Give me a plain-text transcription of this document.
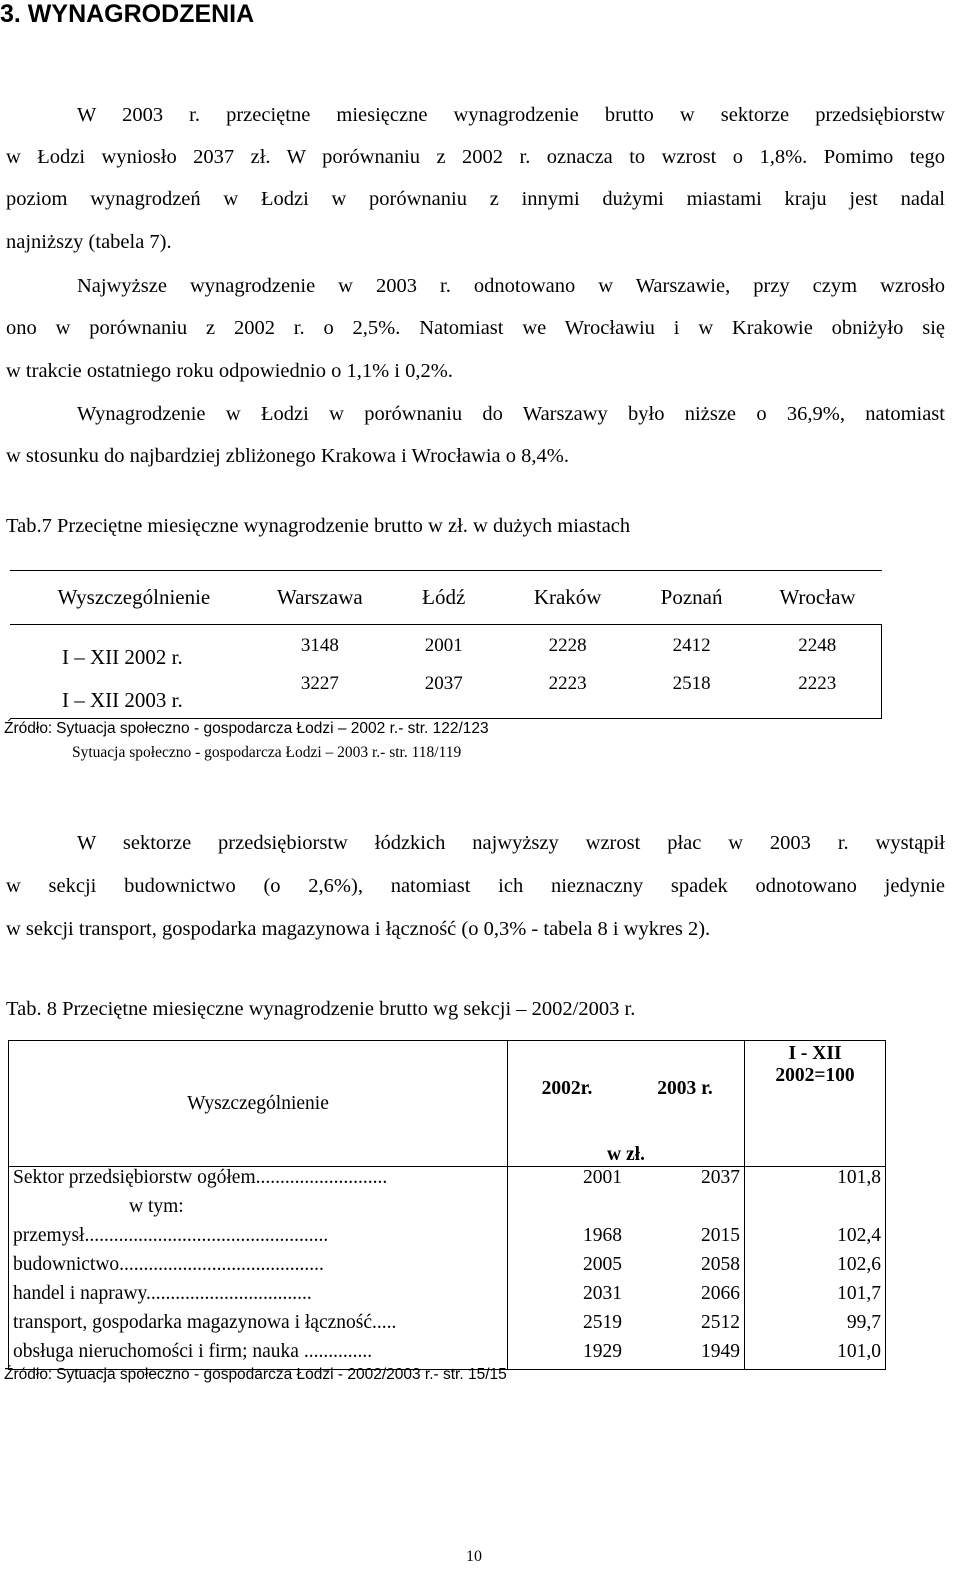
3. WYNAGRODZENIA
W 2003 r. przeciętne miesięczne wynagrodzenie brutto w sektorze przedsiębiorstw
w Łodzi wyniosło 2037 zł. W porównaniu z 2002 r. oznacza to wzrost o 1,8%. Pomimo tego
poziom wynagrodzeń w Łodzi w porównaniu z innymi dużymi miastami kraju jest nadal
najniższy (tabela 7).
Najwyższe wynagrodzenie w 2003 r. odnotowano w Warszawie, przy czym wzrosło
ono w porównaniu z 2002 r. o 2,5%. Natomiast we Wrocławiu i w Krakowie obniżyło się
w trakcie ostatniego roku odpowiednio o 1,1% i 0,2%.
Wynagrodzenie w Łodzi w porównaniu do Warszawy było niższe o 36,9%, natomiast
w stosunku do najbardziej zbliżonego Krakowa i Wrocławia o 8,4%.
Tab.7 Przeciętne miesięczne wynagrodzenie brutto w zł. w dużych miastach
Wyszczególnienie	Warszawa	Łódź	Kraków	Poznań	Wrocław

I – XII 2002 r.	3148	2001	2228	2412	2248
I – XII 2003 r.	3227	2037	2223	2518	2223
Źródło: Sytuacja społeczno - gospodarcza Łodzi – 2002 r.- str. 122/123
Sytuacja społeczno - gospodarcza Łodzi – 2003 r.- str. 118/119
W sektorze przedsiębiorstw łódzkich najwyższy wzrost płac w 2003 r. wystąpił
w sekcji budownictwo (o 2,6%), natomiast ich nieznaczny spadek odnotowano jedynie
w sekcji transport, gospodarka magazynowa i łączność (o 0,3% - tabela 8 i wykres 2).
Tab. 8 Przeciętne miesięczne wynagrodzenie brutto wg sekcji – 2002/2003 r.
Wyszczególnienie	2002r.	2003 r.	I - XII
2002=100
	w zł.		
Sektor przedsiębiorstw ogółem...........................	2001	2037	101,8
w tym:			
przemysł..................................................	1968	2015	102,4
budownictwo..........................................	2005	2058	102,6
handel i naprawy..................................	2031	2066	101,7
transport, gospodarka magazynowa i łączność.....	2519	2512	99,7
obsługa nieruchomości i firm; nauka ..............	1929	1949	101,0
Źródło: Sytuacja społeczno - gospodarcza Łodzi - 2002/2003 r.- str. 15/15
10
